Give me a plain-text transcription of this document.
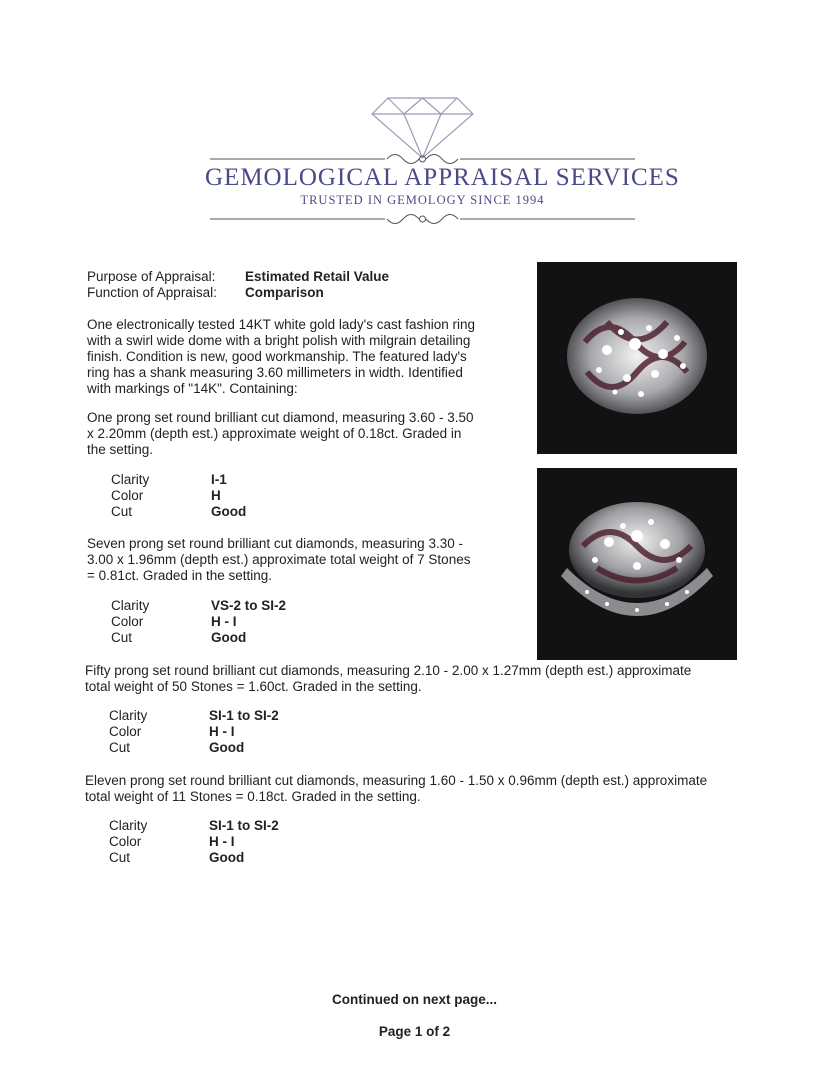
GEMOLOGICAL APPRAISAL SERVICES
TRUSTED IN GEMOLOGY SINCE 1994
Purpose of Appraisal: Estimated Retail Value
Function of Appraisal: Comparison
One electronically tested 14KT white gold lady's cast fashion ring
with a swirl wide dome with a bright polish with milgrain detailing
finish. Condition is new, good workmanship. The featured lady's
ring has a shank measuring 3.60 millimeters in width. Identified
with markings of "14K". Containing:
One prong set round brilliant cut diamond, measuring 3.60 - 3.50
x 2.20mm (depth est.) approximate weight of 0.18ct. Graded in
the setting.
Clarity	I-1
Color	H
Cut	Good
Seven prong set round brilliant cut diamonds, measuring 3.30 -
3.00 x 1.96mm (depth est.) approximate total weight of 7 Stones
= 0.81ct. Graded in the setting.
Clarity	VS-2 to SI-2
Color	H - I
Cut	Good
Fifty prong set round brilliant cut diamonds, measuring 2.10 - 2.00 x 1.27mm (depth est.) approximate
total weight of 50 Stones = 1.60ct. Graded in the setting.
Clarity	SI-1 to SI-2
Color	H - I
Cut	Good
Eleven prong set round brilliant cut diamonds, measuring 1.60 - 1.50 x 0.96mm (depth est.) approximate
total weight of 11 Stones = 0.18ct. Graded in the setting.
Clarity	SI-1 to SI-2
Color	H - I
Cut	Good
Continued on next page...
Page 1 of 2
